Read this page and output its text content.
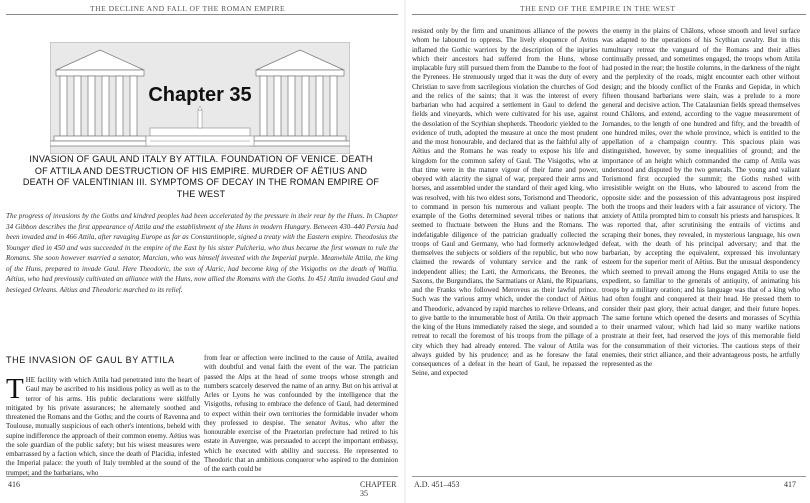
THE DECLINE AND FALL OF THE ROMAN EMPIRE
Chapter 35
INVASION OF GAUL AND ITALY BY ATTILA. FOUNDATION OF VENICE. DEATH OF ATTILA AND DESTRUCTION OF HIS EMPIRE. MURDER OF AËTIUS AND DEATH OF VALENTINIAN III. SYMPTOMS OF DECAY IN THE ROMAN EMPIRE OF THE WEST
The progress of invasions by the Goths and kindred peoples had been accelerated by the pressure in their rear by the Huns. In Chapter 34 Gibbon describes the first appearance of Attila and the establishment of the Huns in modern Hungary. Between 430–440 Persia had been invaded and in 466 Attila, after ravaging Europe as far as Constantinople, signed a treaty with the Eastern empire. Theodosius the Younger died in 450 and was succeeded in the empire of the East by his sister Pulcheria, who thus became the first woman to rule the Romans. She soon however married a senator, Marcian, who was himself invested with the Imperial purple. Meanwhile Attila, the king of the Huns, prepared to invade Gaul. Here Theodoric, the son of Alaric, had become king of the Visigoths on the death of Wallia. Aëtius, who had previously cultivated an alliance with the Huns, now allied the Romans with the Goths. In 451 Attila invaded Gaul and besieged Orleans. Aëtius and Theodoric marched to its relief.
THE INVASION OF GAUL BY ATTILA
THE facility with which Attila had penetrated into the heart of Gaul may be ascribed to his insidious policy as well as to the terror of his arms. His public declarations were skilfully mitigated by his private assurances; he alternately soothed and threatened the Romans and the Goths; and the courts of Ravenna and Toulouse, mutually suspicious of each other's intentions, beheld with supine indifference the approach of their common enemy. Aëtius was the sole guardian of the public safety; but his wisest measures were embarrassed by a faction which, since the death of Placidia, infested the Imperial palace: the youth of Italy trembled at the sound of the trumpet; and the barbarians, who
from fear or affection were inclined to the cause of Attila, awaited with doubtful and venal faith the event of the war. The patrician passed the Alps at the head of some troops whose strength and numbers scarcely deserved the name of an army. But on his arrival at Arles or Lyons he was confounded by the intelligence that the Visigoths, refusing to embrace the defence of Gaul, had determined to expect within their own territories the formidable invader whom they professed to despise. The senator Avitus, who after the honourable exercise of the Praetorian prefecture had retired to his estate in Auvergne, was persuaded to accept the important embassy, which he executed with ability and success. He represented to Theodoric that an ambitious conqueror who aspired to the dominion of the earth could be
416	CHAPTER 35
THE END OF THE EMPIRE IN THE WEST
A.D. 451–453	417
resisted only by the firm and unanimous alliance of the powers whom he laboured to oppress. The lively eloquence of Avitus inflamed the Gothic warriors by the description of the injuries which their ancestors had suffered from the Huns, whose implacable fury still pursued them from the Danube to the foot of the Pyrenees. He strenuously urged that it was the duty of every Christian to save from sacrilegious violation the churches of God and the relics of the saints; that it was the interest of every barbarian who had acquired a settlement in Gaul to defend the fields and vineyards, which were cultivated for his use, against the desolation of the Scythian shepherds. Theodoric yielded to the evidence of truth, adopted the measure at once the most prudent and the most honourable, and declared that as the faithful ally of Aëtius and the Romans he was ready to expose his life and kingdom for the common safety of Gaul. The Visigoths, who at that time were in the mature vigour of their fame and power, obeyed with alacrity the signal of war, prepared their arms and horses, and assembled under the standard of their aged king, who was resolved, with his two eldest sons, Torismond and Theodoric, to command in person his numerous and valiant people. The example of the Goths determined several tribes or nations that seemed to fluctuate between the Huns and the Romans. The indefatigable diligence of the patrician gradually collected the troops of Gaul and Germany, who had formerly acknowledged themselves the subjects or soldiers of the republic, but who now claimed the rewards of voluntary service and the rank of independent allies; the Læti, the Armoricans, the Breones, the Saxons, the Burgundians, the Sarmatians or Alani, the Ripuarians, and the Franks who followed Meroveus as their lawful prince. Such was the various army which, under the conduct of Aëtius and Theodoric, advanced by rapid marches to relieve Orleans, and to give battle to the innumerable host of Attila. On their approach the king of the Huns immediately raised the siege, and sounded a retreat to recall the foremost of his troops from the pillage of a city which they had already entered. The valour of Attila was always guided by his prudence; and as he foresaw the fatal consequences of a defeat in the heart of Gaul, he repassed the Seine, and expected
the enemy in the plains of Châlons, whose smooth and level surface was adapted to the operations of his Scythian cavalry. But in this tumultuary retreat the vanguard of the Romans and their allies continually pressed, and sometimes engaged, the troops whom Attila had posted in the rear; the hostile columns, in the darkness of the night and the perplexity of the roads, might encounter each other without design; and the bloody conflict of the Franks and Gepidæ, in which fifteen thousand barbarians were slain, was a prelude to a more general and decisive action. The Catalaunian fields spread themselves round Châlons, and extend, according to the vague measurement of Jornandes, to the length of one hundred and fifty, and the breadth of one hundred miles, over the whole province, which is entitled to the appellation of a champaign country. This spacious plain was distinguished, however, by some inequalities of ground; and the importance of an height which commanded the camp of Attila was understood and disputed by the two generals. The young and valiant Torismond first occupied the summit; the Goths rushed with irresistible weight on the Huns, who laboured to ascend from the opposite side: and the possession of this advantageous post inspired both the troops and their leaders with a fair assurance of victory. The anxiety of Attila prompted him to consult his priests and haruspices. It was reported that, after scrutinising the entrails of victims and scraping their bones, they revealed, in mysterious language, his own defeat, with the death of his principal adversary; and that the barbarian, by accepting the equivalent, expressed his involuntary esteem for the superior merit of Aëtius. But the unusual despondency which seemed to prevail among the Huns engaged Attila to use the expedient, so familiar to the generals of antiquity, of animating his troops by a military oration; and his language was that of a king who had often fought and conquered at their head. He pressed them to consider their past glory, their actual danger, and their future hopes. The same fortune which opened the deserts and morasses of Scythia to their unarmed valour, which had laid so many warlike nations prostrate at their feet, had reserved the joys of this memorable field for the consummation of their victories. The cautious steps of their enemies, their strict alliance, and their advantageous posts, he artfully represented as the
